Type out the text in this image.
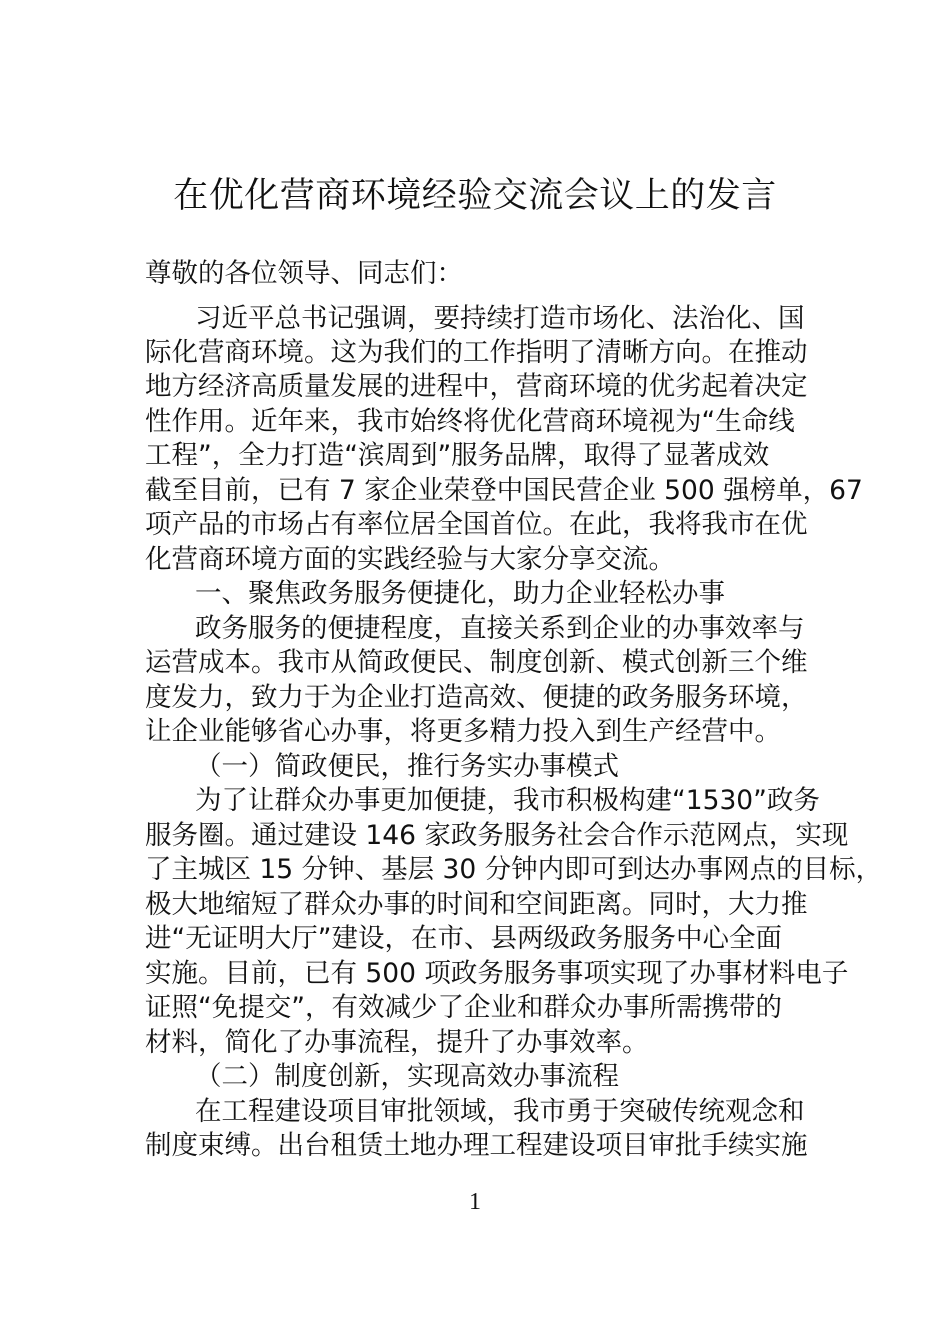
在优化营商环境经验交流会议上的发言
尊敬的各位领导、同志们：
习近平总书记强调，要持续打造市场化、法治化、国
际化营商环境。这为我们的工作指明了清晰方向。在推动
地方经济高质量发展的进程中，营商环境的优劣起着决定
性作用。近年来，我市始终将优化营商环境视为“生命线
工程”，全力打造“滨周到”服务品牌，取得了显著成效
截至目前，已有 7 家企业荣登中国民营企业 500 强榜单，67
项产品的市场占有率位居全国首位。在此，我将我市在优
化营商环境方面的实践经验与大家分享交流。
一、聚焦政务服务便捷化，助力企业轻松办事
政务服务的便捷程度，直接关系到企业的办事效率与
运营成本。我市从简政便民、制度创新、模式创新三个维
度发力，致力于为企业打造高效、便捷的政务服务环境，
让企业能够省心办事，将更多精力投入到生产经营中。
（一）简政便民，推行务实办事模式
为了让群众办事更加便捷，我市积极构建“1530”政务
服务圈。通过建设 146 家政务服务社会合作示范网点，实现
了主城区 15 分钟、基层 30 分钟内即可到达办事网点的目标，
极大地缩短了群众办事的时间和空间距离。同时，大力推
进“无证明大厅”建设，在市、县两级政务服务中心全面
实施。目前，已有 500 项政务服务事项实现了办事材料电子
证照“免提交”，有效减少了企业和群众办事所需携带的
材料，简化了办事流程，提升了办事效率。
（二）制度创新，实现高效办事流程
在工程建设项目审批领域，我市勇于突破传统观念和
制度束缚。出台租赁土地办理工程建设项目审批手续实施
1
